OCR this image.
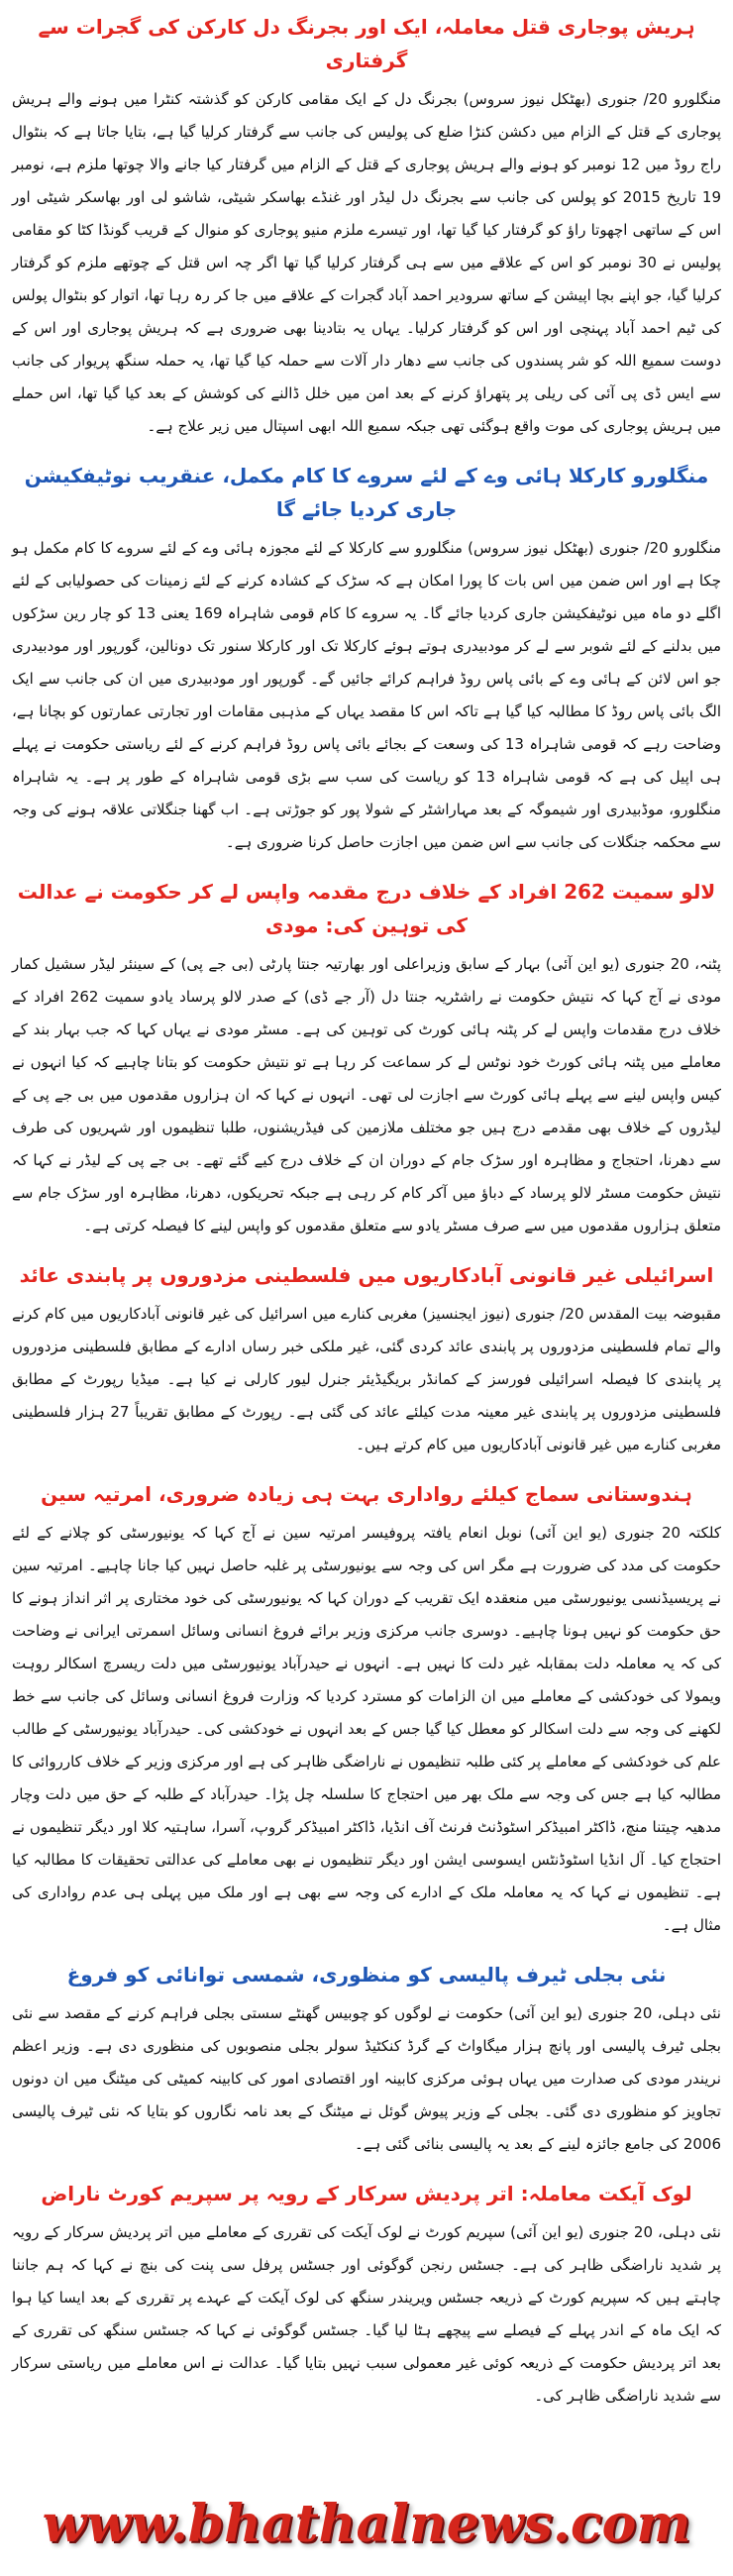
ہریش پوجاری قتل معاملہ، ایک اور بجرنگ دل کارکن کی گجرات سے گرفتاری

منگلورو 20/ جنوری (بھٹکل نیوز سروس) بجرنگ دل کے ایک مقامی کارکن کو گذشتہ کنٹرا میں ہونے والے ہریش پوجاری کے قتل کے الزام میں دکشن کنڑا ضلع کی پولیس کی جانب سے گرفتار کرلیا گیا ہے، بتایا جاتا ہے کہ بنٹوال راج روڈ میں 12 نومبر کو ہونے والے ہریش پوجاری کے قتل کے الزام میں گرفتار کیا جانے والا چوتھا ملزم ہے، نومبر 19 تاریخ 2015 کو پولس کی جانب سے بجرنگ دل لیڈر اور غنڈے بھاسکر شیٹی، شاشو لی اور بھاسکر شیٹی اور اس کے ساتھی اچھوتا راؤ کو گرفتار کیا گیا تھا، اور تیسرے ملزم منیو پوجاری کو منوال کے قریب گونڈا کٹا کو مقامی پولیس نے 30 نومبر کو اس کے علاقے میں سے ہی گرفتار کرلیا گیا تھا اگر چہ اس قتل کے چوتھے ملزم کو گرفتار کرلیا گیا، جو اپنے بچا اپیشن کے ساتھ سرودیر احمد آباد گجرات کے علاقے میں جا کر رہ رہا تھا، اتوار کو بنٹوال پولس کی ٹیم احمد آباد پہنچی اور اس کو گرفتار کرلیا۔ یہاں یہ بتادینا بھی ضروری ہے کہ ہریش پوجاری اور اس کے دوست سمیع اللہ کو شر پسندوں کی جانب سے دھار دار آلات سے حملہ کیا گیا تھا، یہ حملہ سنگھ پریوار کی جانب سے ایس ڈی پی آئی کی ریلی پر پتھراؤ کرنے کے بعد امن میں خلل ڈالنے کی کوشش کے بعد کیا گیا تھا، اس حملے میں ہریش پوجاری کی موت واقع ہوگئی تھی جبکہ سمیع اللہ ابھی اسپتال میں زیر علاج ہے۔

منگلورو کارکلا ہائی وے کے لئے سروے کا کام مکمل، عنقریب نوٹیفکیشن جاری کردیا جائے گا

منگلورو 20/ جنوری (بھٹکل نیوز سروس) منگلورو سے کارکلا کے لئے مجوزہ ہائی وے کے لئے سروے کا کام مکمل ہو چکا ہے اور اس ضمن میں اس بات کا پورا امکان ہے کہ سڑک کے کشادہ کرنے کے لئے زمینات کی حصولیابی کے لئے اگلے دو ماہ میں نوٹیفکیشن جاری کردیا جائے گا۔ یہ سروے کا کام قومی شاہراہ 169 یعنی 13 کو چار رین سڑکوں میں بدلنے کے لئے شوبر سے لے کر مودبیدری ہوتے ہوئے کارکلا تک اور کارکلا سنور تک دونالین، گورپور اور مودبیدری جو اس لائن کے ہائی وے کے بائی پاس روڈ فراہم کرائے جائیں گے۔ گورپور اور مودبیدری میں ان کی جانب سے ایک الگ بائی پاس روڈ کا مطالبہ کیا گیا ہے تاکہ اس کا مقصد یہاں کے مذہبی مقامات اور تجارتی عمارتوں کو بچانا ہے، وضاحت رہے کہ قومی شاہراہ 13 کی وسعت کے بجائے بائی پاس روڈ فراہم کرنے کے لئے ریاستی حکومت نے پہلے ہی اپیل کی ہے کہ قومی شاہراہ 13 کو ریاست کی سب سے بڑی قومی شاہراہ کے طور پر ہے۔ یہ شاہراہ منگلورو، موڈبیدری اور شیموگہ کے بعد مہاراشٹر کے شولا پور کو جوڑتی ہے۔ اب گھنا جنگلاتی علاقہ ہونے کی وجہ سے محکمہ جنگلات کی جانب سے اس ضمن میں اجازت حاصل کرنا ضروری ہے۔

لالو سمیت 262 افراد کے خلاف درج مقدمہ واپس لے کر حکومت نے عدالت کی توہین کی: مودی

پٹنہ، 20 جنوری (یو این آئی) بہار کے سابق وزیراعلی اور بھارتیہ جنتا پارٹی (بی جے پی) کے سینئر لیڈر سشیل کمار مودی نے آج کہا کہ نتیش حکومت نے راشٹریہ جنتا دل (آر جے ڈی) کے صدر لالو پرساد یادو سمیت 262 افراد کے خلاف درج مقدمات واپس لے کر پٹنہ ہائی کورٹ کی توہین کی ہے۔ مسٹر مودی نے یہاں کہا کہ جب بہار بند کے معاملے میں پٹنہ ہائی کورٹ خود نوٹس لے کر سماعت کر رہا ہے تو نتیش حکومت کو بتانا چاہیے کہ کیا انہوں نے کیس واپس لینے سے پہلے ہائی کورٹ سے اجازت لی تھی۔ انہوں نے کہا کہ ان ہزاروں مقدموں میں بی جے پی کے لیڈروں کے خلاف بھی مقدمے درج ہیں جو مختلف ملازمین کی فیڈریشنوں، طلبا تنظیموں اور شہریوں کی طرف سے دھرنا، احتجاج و مظاہرہ اور سڑک جام کے دوران ان کے خلاف درج کیے گئے تھے۔ بی جے پی کے لیڈر نے کہا کہ نتیش حکومت مسٹر لالو پرساد کے دباؤ میں آکر کام کر رہی ہے جبکہ تحریکوں، دھرنا، مظاہرہ اور سڑک جام سے متعلق ہزاروں مقدموں میں سے صرف مسٹر یادو سے متعلق مقدموں کو واپس لینے کا فیصلہ کرتی ہے۔

اسرائیلی غیر قانونی آبادکاریوں میں فلسطینی مزدوروں پر پابندی عائد

مقبوضہ بیت المقدس 20/ جنوری (نیوز ایجنسیز) مغربی کنارے میں اسرائیل کی غیر قانونی آبادکاریوں میں کام کرنے والے تمام فلسطینی مزدوروں پر پابندی عائد کردی گئی، غیر ملکی خبر رساں ادارے کے مطابق فلسطینی مزدوروں پر پابندی کا فیصلہ اسرائیلی فورسز کے کمانڈر بریگیڈیئر جنرل لیور کارلی نے کیا ہے۔ میڈیا رپورٹ کے مطابق فلسطینی مزدوروں پر پابندی غیر معینہ مدت کیلئے عائد کی گئی ہے۔ رپورٹ کے مطابق تقریباً 27 ہزار فلسطینی مغربی کنارے میں غیر قانونی آبادکاریوں میں کام کرتے ہیں۔

ہندوستانی سماج کیلئے رواداری بہت ہی زیادہ ضروری، امرتیہ سین

کلکتہ 20 جنوری (یو این آئی) نوبل انعام یافتہ پروفیسر امرتیہ سین نے آج کہا کہ یونیورسٹی کو چلانے کے لئے حکومت کی مدد کی ضرورت ہے مگر اس کی وجہ سے یونیورسٹی پر غلبہ حاصل نہیں کیا جانا چاہیے۔ امرتیہ سین نے پریسیڈنسی یونیورسٹی میں منعقدہ ایک تقریب کے دوران کہا کہ یونیورسٹی کی خود مختاری پر اثر انداز ہونے کا حق حکومت کو نہیں ہونا چاہیے۔ دوسری جانب مرکزی وزیر برائے فروغ انسانی وسائل اسمرتی ایرانی نے وضاحت کی کہ یہ معاملہ دلت بمقابلہ غیر دلت کا نہیں ہے۔ انہوں نے حیدرآباد یونیورسٹی میں دلت ریسرچ اسکالر روہت ویمولا کی خودکشی کے معاملے میں ان الزامات کو مسترد کردیا کہ وزارت فروغ انسانی وسائل کی جانب سے خط لکھنے کی وجہ سے دلت اسکالر کو معطل کیا گیا جس کے بعد انہوں نے خودکشی کی۔ حیدرآباد یونیورسٹی کے طالب علم کی خودکشی کے معاملے پر کئی طلبہ تنظیموں نے ناراضگی ظاہر کی ہے اور مرکزی وزیر کے خلاف کارروائی کا مطالبہ کیا ہے جس کی وجہ سے ملک بھر میں احتجاج کا سلسلہ چل پڑا۔ حیدرآباد کے طلبہ کے حق میں دلت وچار مدھیہ چیتنا منچ، ڈاکٹر امبیڈکر اسٹوڈنٹ فرنٹ آف انڈیا، ڈاکٹر امبیڈکر گروپ، آسرا، ساہتیہ کلا اور دیگر تنظیموں نے احتجاج کیا۔ آل انڈیا اسٹوڈنٹس ایسوسی ایشن اور دیگر تنظیموں نے بھی معاملے کی عدالتی تحقیقات کا مطالبہ کیا ہے۔ تنظیموں نے کہا کہ یہ معاملہ ملک کے ادارے کی وجہ سے بھی ہے اور ملک میں پہلی ہی عدم رواداری کی مثال ہے۔

نئی بجلی ٹیرف پالیسی کو منظوری، شمسی توانائی کو فروغ

نئی دہلی، 20 جنوری (یو این آئی) حکومت نے لوگوں کو چوبیس گھنٹے سستی بجلی فراہم کرنے کے مقصد سے نئی بجلی ٹیرف پالیسی اور پانچ ہزار میگاواٹ کے گرڈ کنکٹیڈ سولر بجلی منصوبوں کی منظوری دی ہے۔ وزیر اعظم نریندر مودی کی صدارت میں یہاں ہوئی مرکزی کابینہ اور اقتصادی امور کی کابینہ کمیٹی کی میٹنگ میں ان دونوں تجاویز کو منظوری دی گئی۔ بجلی کے وزیر پیوش گوئل نے میٹنگ کے بعد نامہ نگاروں کو بتایا کہ نئی ٹیرف پالیسی 2006 کی جامع جائزہ لینے کے بعد یہ پالیسی بنائی گئی ہے۔

لوک آیکت معاملہ: اتر پردیش سرکار کے رویہ پر سپریم کورٹ ناراض

نئی دہلی، 20 جنوری (یو این آئی) سپریم کورٹ نے لوک آیکت کی تقرری کے معاملے میں اتر پردیش سرکار کے رویہ پر شدید ناراضگی ظاہر کی ہے۔ جسٹس رنجن گوگوئی اور جسٹس پرفل سی پنت کی بنچ نے کہا کہ ہم جاننا چاہتے ہیں کہ سپریم کورٹ کے ذریعہ جسٹس ویریندر سنگھ کی لوک آیکت کے عہدے پر تقرری کے بعد ایسا کیا ہوا کہ ایک ماہ کے اندر پہلے کے فیصلے سے پیچھے ہٹا لیا گیا۔ جسٹس گوگوئی نے کہا کہ جسٹس سنگھ کی تقرری کے بعد اتر پردیش حکومت کے ذریعہ کوئی غیر معمولی سبب نہیں بتایا گیا۔ عدالت نے اس معاملے میں ریاستی سرکار سے شدید ناراضگی ظاہر کی۔

www.bhathalnews.com
